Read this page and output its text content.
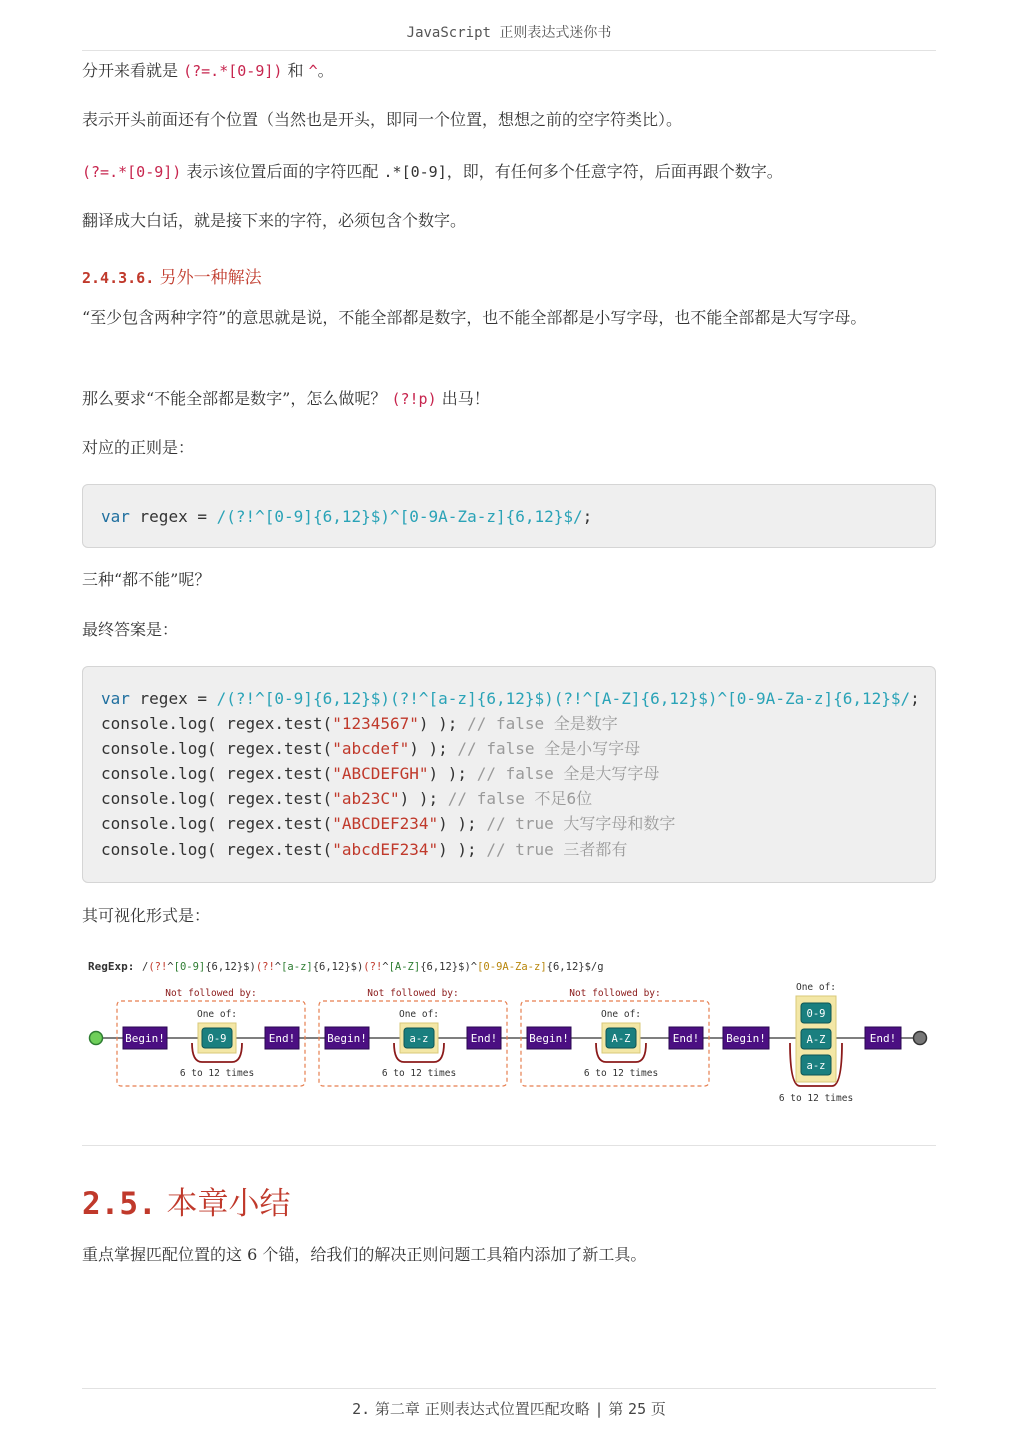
JavaScript 正则表达式迷你书

分开来看就是 (?=.*[0-9]) 和 ^。

表示开头前面还有个位置（当然也是开头，即同一个位置，想想之前的空字符类比）。

(?=.*[0-9]) 表示该位置后面的字符匹配 .*[0-9]，即，有任何多个任意字符，后面再跟个数字。

翻译成大白话，就是接下来的字符，必须包含个数字。

2.4.3.6. 另外一种解法

“至少包含两种字符”的意思就是说，不能全部都是数字，也不能全部都是小写字母，也不能全部都是大写字母。

那么要求“不能全部都是数字”，怎么做呢？ (?!p) 出马！

对应的正则是：

var regex = /(?!^[0-9]{6,12}$)^[0-9A-Za-z]{6,12}$/;

三种“都不能”呢？

最终答案是：

var regex = /(?!^[0-9]{6,12}$)(?!^[a-z]{6,12}$)(?!^[A-Z]{6,12}$)^[0-9A-Za-z]{6,12}$/;
console.log( regex.test("1234567") ); // false 全是数字
console.log( regex.test("abcdef") ); // false 全是小写字母
console.log( regex.test("ABCDEFGH") ); // false 全是大写字母
console.log( regex.test("ab23C") ); // false 不足6位
console.log( regex.test("ABCDEF234") ); // true 大写字母和数字
console.log( regex.test("abcdEF234") ); // true 三者都有

其可视化形式是：

RegExp: /(?!^[0-9]{6,12}$)(?!^[a-z]{6,12}$)(?!^[A-Z]{6,12}$)^[0-9A-Za-z]{6,12}$/g
Not followed by:
Begin!
One of:
0-9	End!
6 to 12 times
Not followed by:
Begin!
One of:
a-z	End!
6 to 12 times
Not followed by:
Begin!
One of:
A-Z	End!
6 to 12 times
Begin!
One of:
0-9
A-Z
a-z
End!
6 to 12 times
2.5. 本章小结

重点掌握匹配位置的这 6 个锚，给我们的解决正则问题工具箱内添加了新工具。

2. 第二章 正则表达式位置匹配攻略 | 第 25 页
